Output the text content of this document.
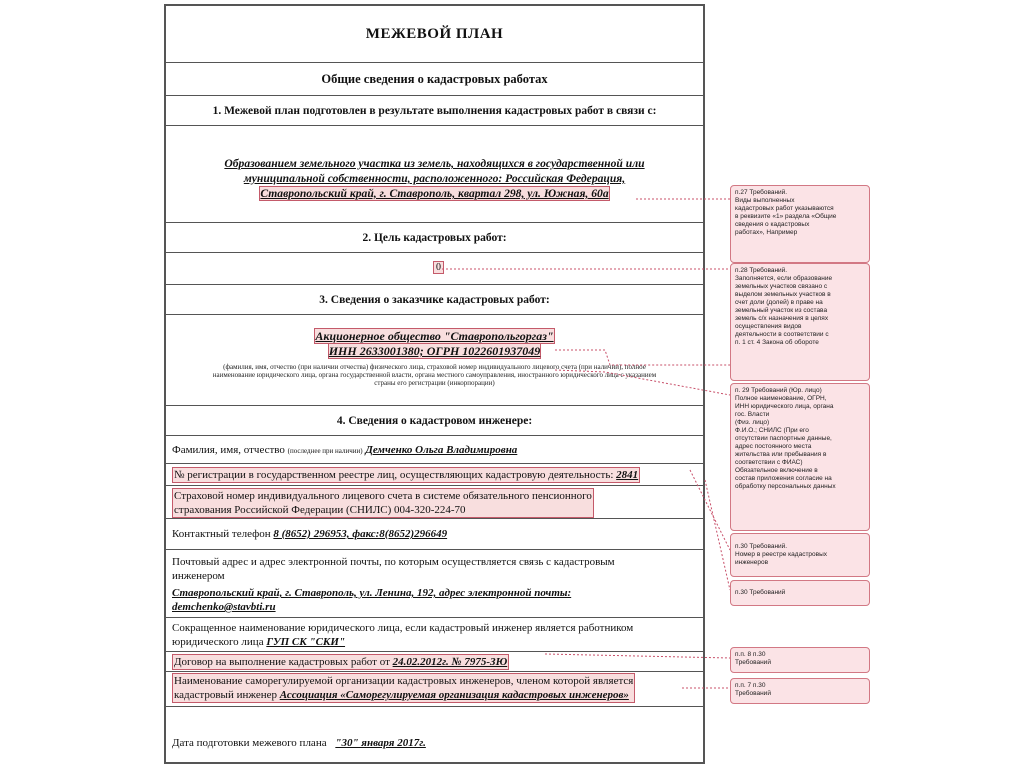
МЕЖЕВОЙ ПЛАН
Общие сведения о кадастровых работах
1. Межевой план подготовлен в результате выполнения кадастровых работ в связи с:
Образованием земельного участка из земель, находящихся в государственной или
муниципальной собственности, расположенного: Российская Федерация,
Ставропольский край, г. Ставрополь, квартал 298, ул. Южная, 60а
2. Цель кадастровых работ:
0
3. Сведения о заказчике кадастровых работ:
Акционерное общество "Ставропольгоргаз"
ИНН 2633001380; ОГРН 1022601937049
(фамилия, имя, отчество (при наличии отчества) физического лица, страховой номер индивидуального лицевого счета (при наличии), полное
наименование юридического лица, органа государственной власти, органа местного самоуправления, иностранного юридического лица с указанием
страны его регистрации (инкорпорации)
4. Сведения о кадастровом инженере:
Фамилия, имя, отчество (последнее при наличии) Демченко Ольга Владимировна
№ регистрации в государственном реестре лиц, осуществляющих кадастровую деятельность: 2841
Страховой номер индивидуального лицевого счета в системе обязательного пенсионного
страхования Российской Федерации (СНИЛС) 004-320-224-70
Контактный телефон 8 (8652) 296953, факс:8(8652)296649
Почтовый адрес и адрес электронной почты, по которым осуществляется связь с кадастровым
инженером
Ставропольский край, г. Ставрополь, ул. Ленина, 192, адрес электронной почты:
demchenko@stavbti.ru
Сокращенное наименование юридического лица, если кадастровый инженер является работником
юридического лица ГУП СК "СКИ"
Договор на выполнение кадастровых работ от 24.02.2012г. № 7975-ЗЮ
Наименование саморегулируемой организации кадастровых инженеров, членом которой является
кадастровый инженер Ассоциация «Саморегулируемая организация кадастровых инженеров»
Дата подготовки межевого плана "30" января 2017г.
п.27 Требований.
Виды выполненных
кадастровых работ указываются
в реквизите «1» раздела «Общие
сведения о кадастровых
работах», Например
п.28 Требований.
Заполняется, если образование
земельных участков связано с
выделом земельных участков в
счет доли (долей) в праве на
земельный участок из состава
земель с/х назначения в целях
осуществления видов
деятельности в соответствии с
п. 1 ст. 4 Закона об обороте
п. 29 Требований (Юр. лицо)
Полное наименование, ОГРН,
ИНН юридического лица, органа
гос. Власти
(Физ. лицо)
Ф.И.О.; СНИЛС (При его
отсутствии паспортные данные,
адрес постоянного места
жительства или пребывания в
соответствии с ФИАС)
Обязательное включение в
состав приложения согласие на
обработку персональных данных
п.30 Требований.
Номер в реестре кадастровых
инженеров
п.30 Требований
п.п. 8 п.30
Требований
п.п. 7 п.30
Требований
